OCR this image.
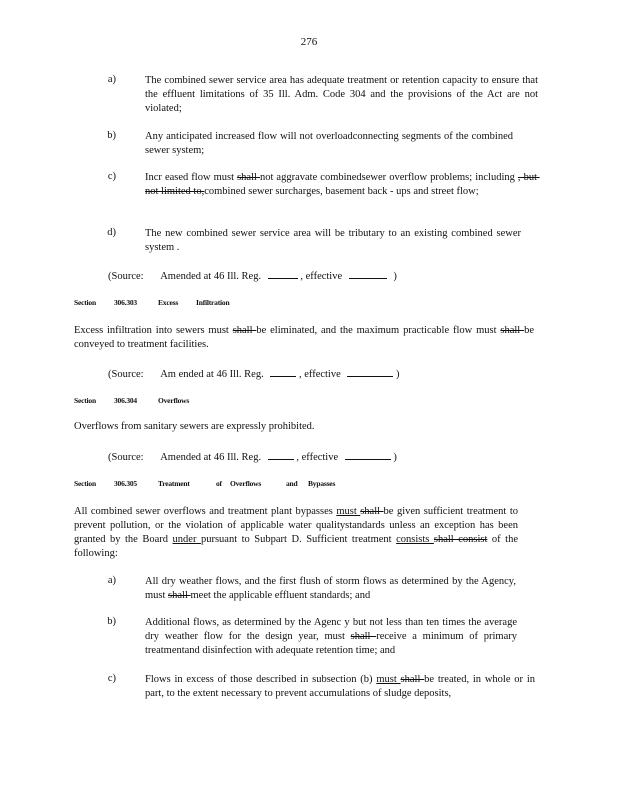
276
a)	The combined sewer service area has adequate treatment or retention capacity to ensure that the effluent limitations of 35 Ill. Adm. Code 304 and the provisions of the Act are not violated;
b)	Any anticipated increased flow will not overloadconnecting segments of the combined sewer system;
c)	Incr eased flow must shall not aggravate combinedsewer overflow problems; including , but not limited to,combined sewer surcharges, basement back - ups and street flow;
d)	The new combined sewer service area will be tributary to an existing combined sewer system .
(Source: Amended at 46 Ill. Reg.	, effective	)
Section 306.303	Excess Infiltration
Excess infiltration into sewers must shall be eliminated, and the maximum practicable flow must shall be conveyed to treatment facilities.
(Source: Am ended at 46 Ill. Reg.	, effective	)
Section 306.304	Overflows
Overflows from sanitary sewers are expressly prohibited.
(Source: Amended at 46 Ill. Reg.	, effective	)
Section 306.305	Treatment	of Overflows	and Bypasses
All combined sewer overflows and treatment plant bypasses must shall be given sufficient treatment to prevent pollution, or the violation of applicable water qualitystandards unless an exception has been granted by the Board under pursuant to Subpart D. Sufficient treatment consists shall consist of the following:
a)	All dry weather flows, and the first flush of storm flows as determined by the Agency, must shall meet the applicable effluent standards; and
b)	Additional flows, as determined by the Agenc y but not less than ten times the average dry weather flow for the design year, must shall receive a minimum of primary treatmentand disinfection with adequate retention time; and
c)	Flows in excess of those described in subsection (b) must shall be treated, in whole or in part, to the extent necessary to prevent accumulations of sludge deposits,
